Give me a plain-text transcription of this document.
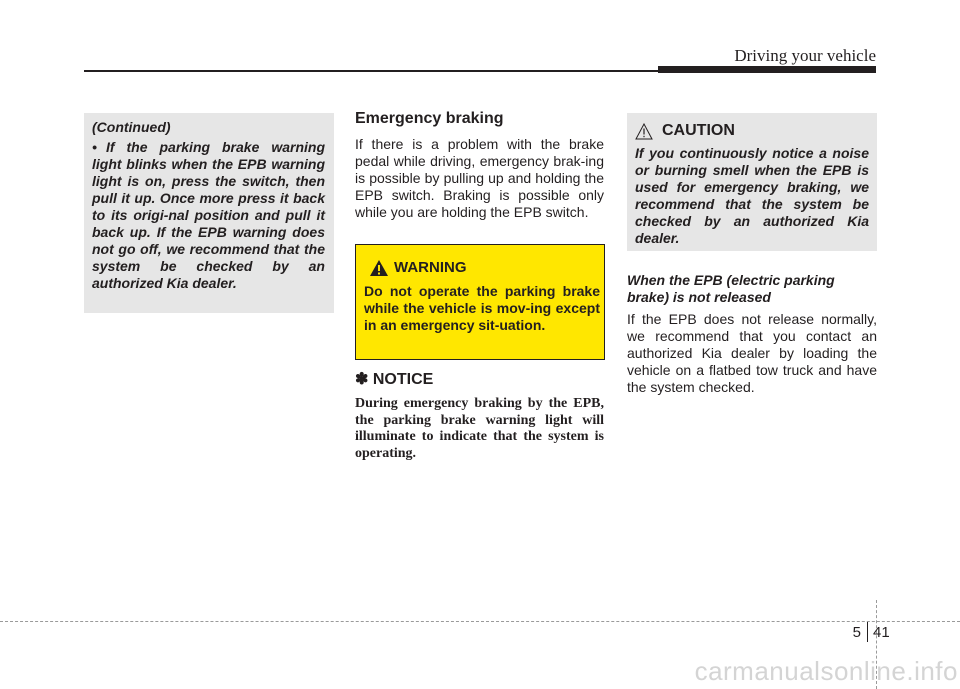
Driving your vehicle
(Continued)
• If the parking brake warning light blinks when the EPB warning light is on, press the switch, then pull it up. Once more press it back to its origi-nal position and pull it back up. If the EPB warning does not go off, we recommend that the system be checked by an authorized Kia dealer.
Emergency braking
If there is a problem with the brake pedal while driving, emergency brak-ing is possible by pulling up and holding the EPB switch. Braking is possible only while you are holding the EPB switch.
WARNING
Do not operate the parking brake while the vehicle is mov-ing except in an emergency sit-uation.
✽ NOTICE
During emergency braking by the EPB, the parking brake warning light will illuminate to indicate that the system is operating.
CAUTION
If you continuously notice a noise or burning smell when the EPB is used for emergency braking, we recommend that the system be checked by an authorized Kia dealer.
When the EPB (electric parking brake) is not released
If the EPB does not release normally, we recommend that you contact an authorized Kia dealer by loading the vehicle on a flatbed tow truck and have the system checked.
5 41
carmanualsonline.info
